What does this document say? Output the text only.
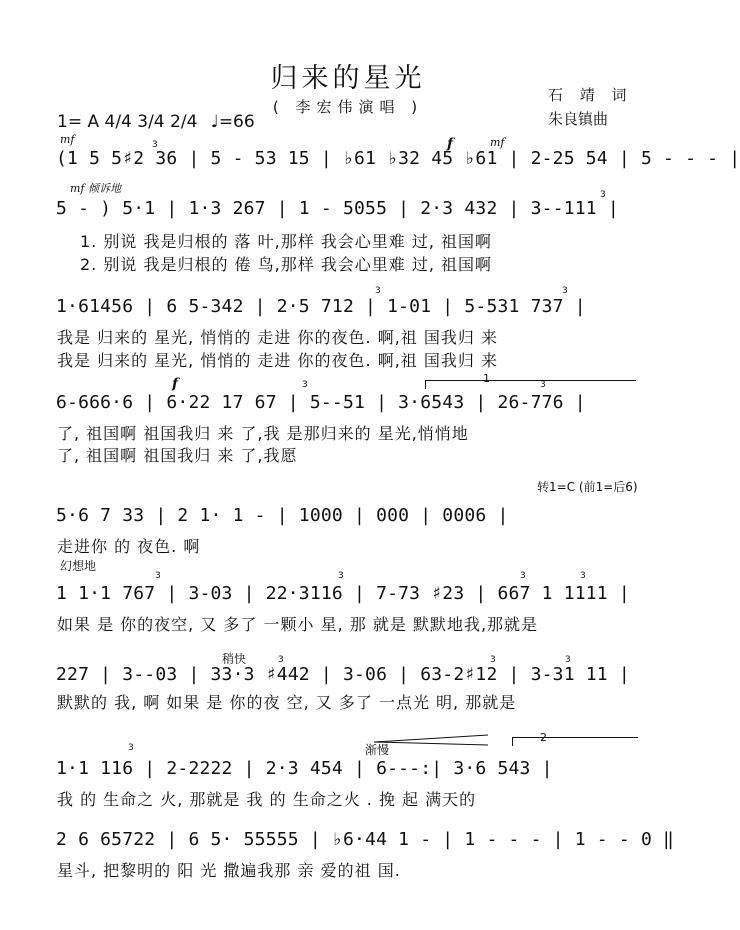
归来的星光
( 李宏伟演唱 )
石 靖 词
朱良镇曲
1= A 4/4 3/4 2/4 ♩=66
mf	f	mf
mf 倾诉地
f
转1=C (前1=后6)
幻想地
稍快
渐慢
1
2
3
3
3	3
3	3
3	3	3	3
3	3	3
3
(1 5 5♯2 36 | 5 - 53 15 | ♭61 ♭32 45 ♭61 | 2-25 54 | 5 - - - |
5 - ) 5·1 | 1·3 267 | 1 - 5055 | 2·3 432 | 3--111 |
1. 别说 我是归根的 落 叶,那样 我会心里难 过, 祖国啊
2. 别说 我是归根的 倦 鸟,那样 我会心里难 过, 祖国啊
1·61456 | 6 5-342 | 2·5 712 | 1-01 | 5-531 737 |
我是 归来的 星光, 悄悄的 走进 你的夜色. 啊,祖 国我归 来
我是 归来的 星光, 悄悄的 走进 你的夜色. 啊,祖 国我归 来
6-666·6 | 6·22 17 67 | 5--51 | 3·6543 | 26-776 |
了, 祖国啊 祖国我归 来 了,我 是那归来的 星光,悄悄地
了, 祖国啊 祖国我归 来 了,我愿
5·6 7 33 | 2 1· 1 - | 1000 | 000 | 0006 |
走进你 的 夜色. 啊
1 1·1 767 | 3-03 | 22·3116 | 7-73 ♯23 | 667 1 1111 |
如果 是 你的夜空, 又 多了 一颗小 星, 那 就是 默默地我,那就是
227 | 3--03 | 33·3 ♯442 | 3-06 | 63-2♯12 | 3-31 11 |
默默的 我, 啊 如果 是 你的夜 空, 又 多了 一点光 明, 那就是
1·1 116 | 2-2222 | 2·3 454 | 6---:| 3·6 543 |
我 的 生命之 火, 那就是 我 的 生命之火 . 挽 起 满天的
2 6 65722 | 6 5· 55555 | ♭6·44 1 - | 1 - - - | 1 - - 0 ‖
星斗, 把黎明的 阳 光 撒遍我那 亲 爱的祖 国.
